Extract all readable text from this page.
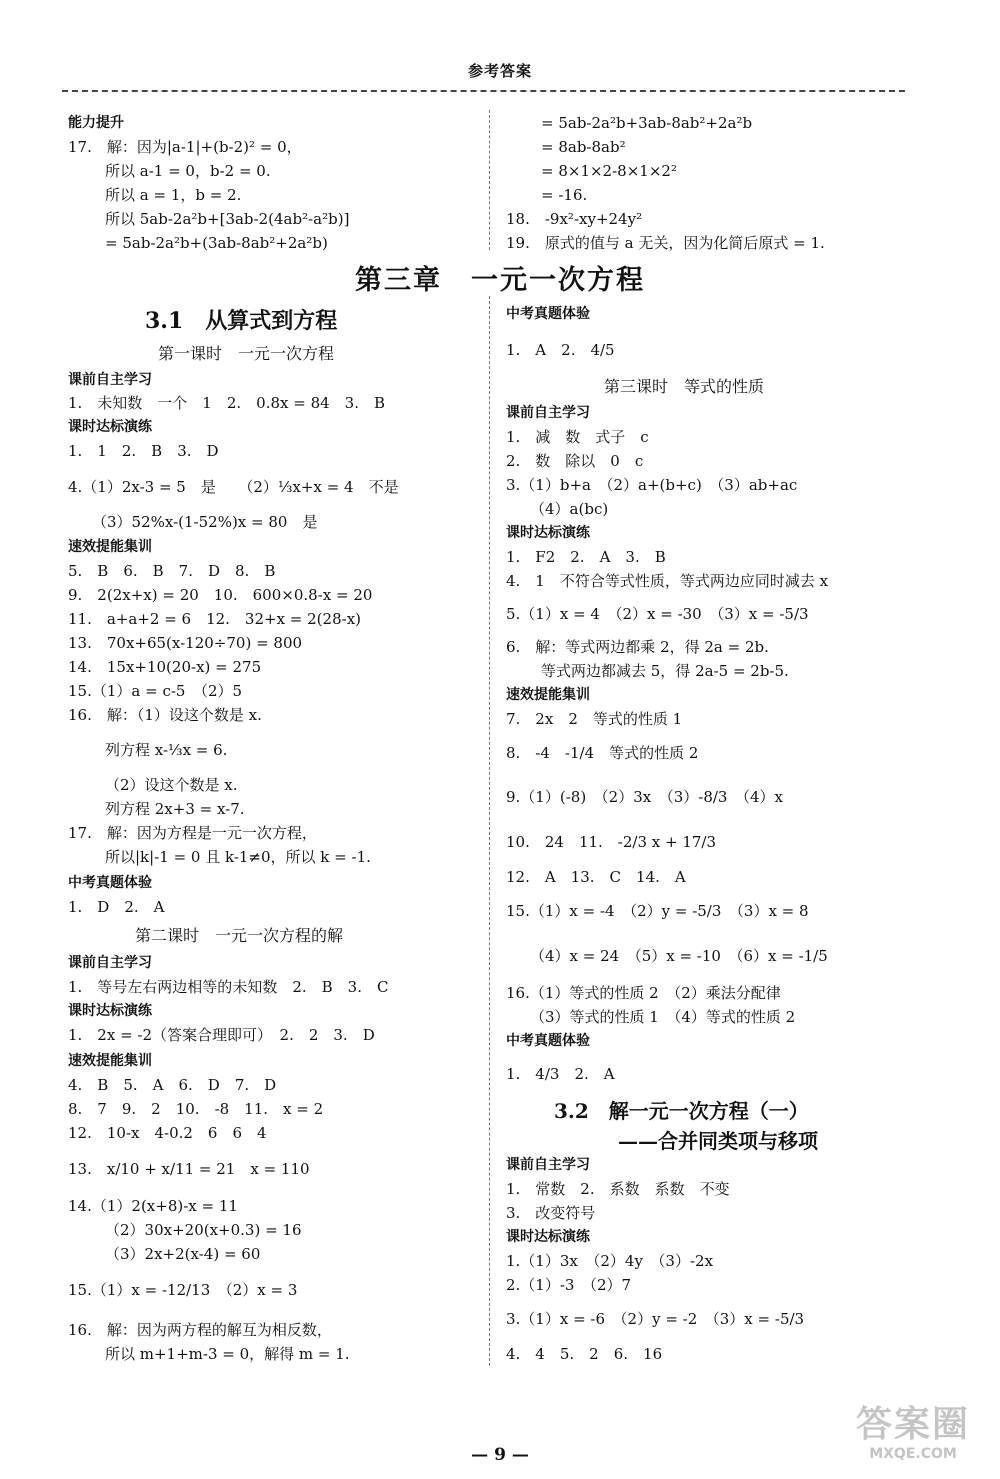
参考答案
第三章　一元一次方程
能力提升
17.　解：因为|a-1|+(b-2)² = 0，
所以 a-1 = 0，b-2 = 0.
所以 a = 1，b = 2.
所以 5ab-2a²b+[3ab-2(4ab²-a²b)]
= 5ab-2a²b+(3ab-8ab²+2a²b)
3.1　从算式到方程
第一课时　一元一次方程
课前自主学习
1.　未知数　一个　1　2.　0.8x = 84　3.　B
课时达标演练
1.　1　2.　B　3.　D
4.（1）2x-3 = 5　是　　（2）⅓x+x = 4　不是
（3）52%x-(1-52%)x = 80　是
速效提能集训
5.　B　6.　B　7.　D　8.　B
9.　2(2x+x) = 20　10.　600×0.8-x = 20
11.　a+a+2 = 6　12.　32+x = 2(28-x)
13.　70x+65(x-120÷70) = 800
14.　15x+10(20-x) = 275
15.（1）a = c-5　（2）5
16.　解：（1）设这个数是 x.
列方程 x-⅓x = 6.
（2）设这个数是 x.
列方程 2x+3 = x-7.
17.　解：因为方程是一元一次方程，
所以|k|-1 = 0 且 k-1≠0，所以 k = -1.
中考真题体验
1.　D　2.　A
第二课时　一元一次方程的解
课前自主学习
1.　等号左右两边相等的未知数　2.　B　3.　C
课时达标演练
1.　2x = -2（答案合理即可）　2.　2　3.　D
速效提能集训
4.　B　5.　A　6.　D　7.　D
8.　7　9.　2　10.　-8　11.　x = 2
12.　10-x　4-0.2　6　6　4
13.　x/10 + x/11 = 21　x = 110
14.（1）2(x+8)-x = 11
（2）30x+20(x+0.3) = 16
（3）2x+2(x-4) = 60
15.（1）x = -12/13　（2）x = 3
16.　解：因为两方程的解互为相反数，
所以 m+1+m-3 = 0，解得 m = 1.
= 5ab-2a²b+3ab-8ab²+2a²b
= 8ab-8ab²
= 8×1×2-8×1×2²
= -16.
18.　-9x²-xy+24y²
19.　原式的值与 a 无关，因为化简后原式 = 1.
中考真题体验
1.　A　2.　4/5
第三课时　等式的性质
课前自主学习
1.　减　数　式子　c
2.　数　除以　0　c
3.（1）b+a　（2）a+(b+c)　（3）ab+ac
（4）a(bc)
课时达标演练
1.　F2　2.　A　3.　B
4.　1　不符合等式性质，等式两边应同时减去 x
5.（1）x = 4　（2）x = -30　（3）x = -5/3
6.　解：等式两边都乘 2，得 2a = 2b.
等式两边都减去 5，得 2a-5 = 2b-5.
速效提能集训
7.　2x　2　等式的性质 1
8.　-4　-1/4　等式的性质 2
9.（1）(-8)　（2）3x　（3）-8/3　（4）x
10.　24　11.　-2/3 x + 17/3
12.　A　13.　C　14.　A
15.（1）x = -4　（2）y = -5/3　（3）x = 8
（4）x = 24　（5）x = -10　（6）x = -1/5
16.（1）等式的性质 2　（2）乘法分配律
（3）等式的性质 1　（4）等式的性质 2
中考真题体验
1.　4/3　2.　A
3.2　解一元一次方程（一）
——合并同类项与移项
课前自主学习
1.　常数　2.　系数　系数　不变
3.　改变符号
课时达标演练
1.（1）3x　（2）4y　（3）-2x
2.（1）-3　（2）7
3.（1）x = -6　（2）y = -2　（3）x = -5/3
4.　4　5.　2　6.　16
— 9 —
答案圈
MXQE.COM
